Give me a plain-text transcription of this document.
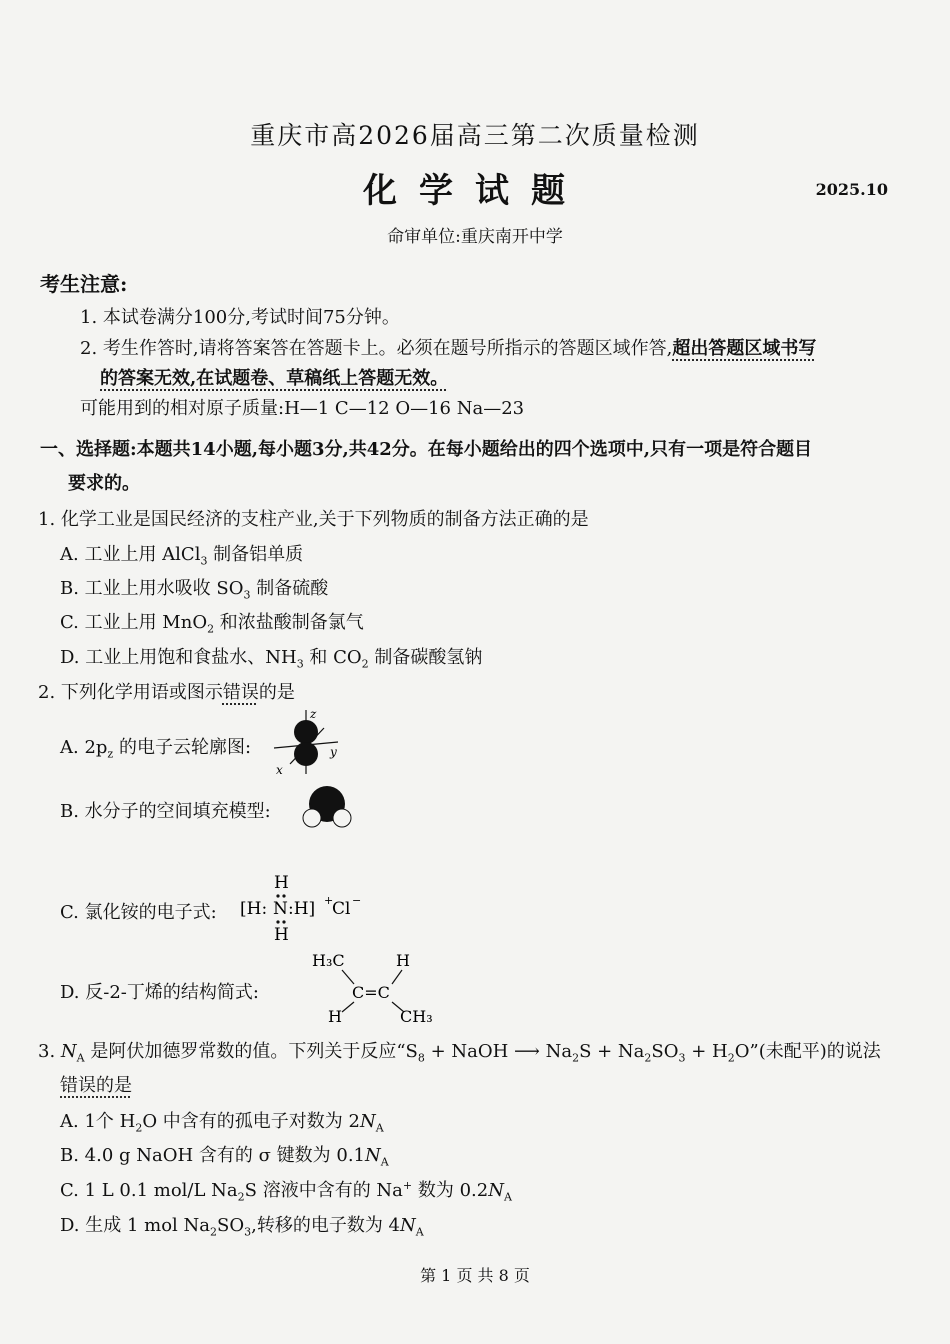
重庆市高2026届高三第二次质量检测
化学试题	2025.10
命审单位:重庆南开中学
考生注意:
1. 本试卷满分100分,考试时间75分钟。
2. 考生作答时,请将答案答在答题卡上。必须在题号所指示的答题区域作答,超出答题区域书写
的答案无效,在试题卷、草稿纸上答题无效。
可能用到的相对原子质量:H—1 C—12 O—16 Na—23
一、选择题:本题共14小题,每小题3分,共42分。在每小题给出的四个选项中,只有一项是符合题目
要求的。
1. 化学工业是国民经济的支柱产业,关于下列物质的制备方法正确的是
A. 工业上用 AlCl$_3$ 制备铝单质
B. 工业上用水吸收 $SO_3$ 制备硫酸
C. 工业上用 MnO$_2$ 和浓盐酸制备氯气
D. 工业上用饱和食盐水、$NH_3$ 和 $CO_2$ 制备碳酸氢钠
2. 下列化学用语或图示错误的是
A. $2p_z$ 的电子云轮廓图:
z
y
x
B. 水分子的空间填充模型:
C. 氯化铵的电子式:
H
[H: N :H] +
Cl −
H
D. 反-2-丁烯的结构简式:
H₃C	H
C=C
H	CH₃
3. $N_A$ 是阿伏加德罗常数的值。下列关于反应“$S_8$ + NaOH ⟶ $Na_2S + Na_2SO_3$ + $H_2O$”(未配平)的说法
错误的是
A. 1个 $H_2O$ 中含有的孤电子对数为 $2N_A$
B. 4.0 g NaOH 含有的 σ 键数为 $0.1N_A$
C. 1 L 0.1 mol/L $Na_2S$ 溶液中含有的 Na+ 数为 $0.2N_A$
D. 生成 1 mol $Na_2SO_3$,转移的电子数为 $4N_A$
第 1 页 共 8 页
